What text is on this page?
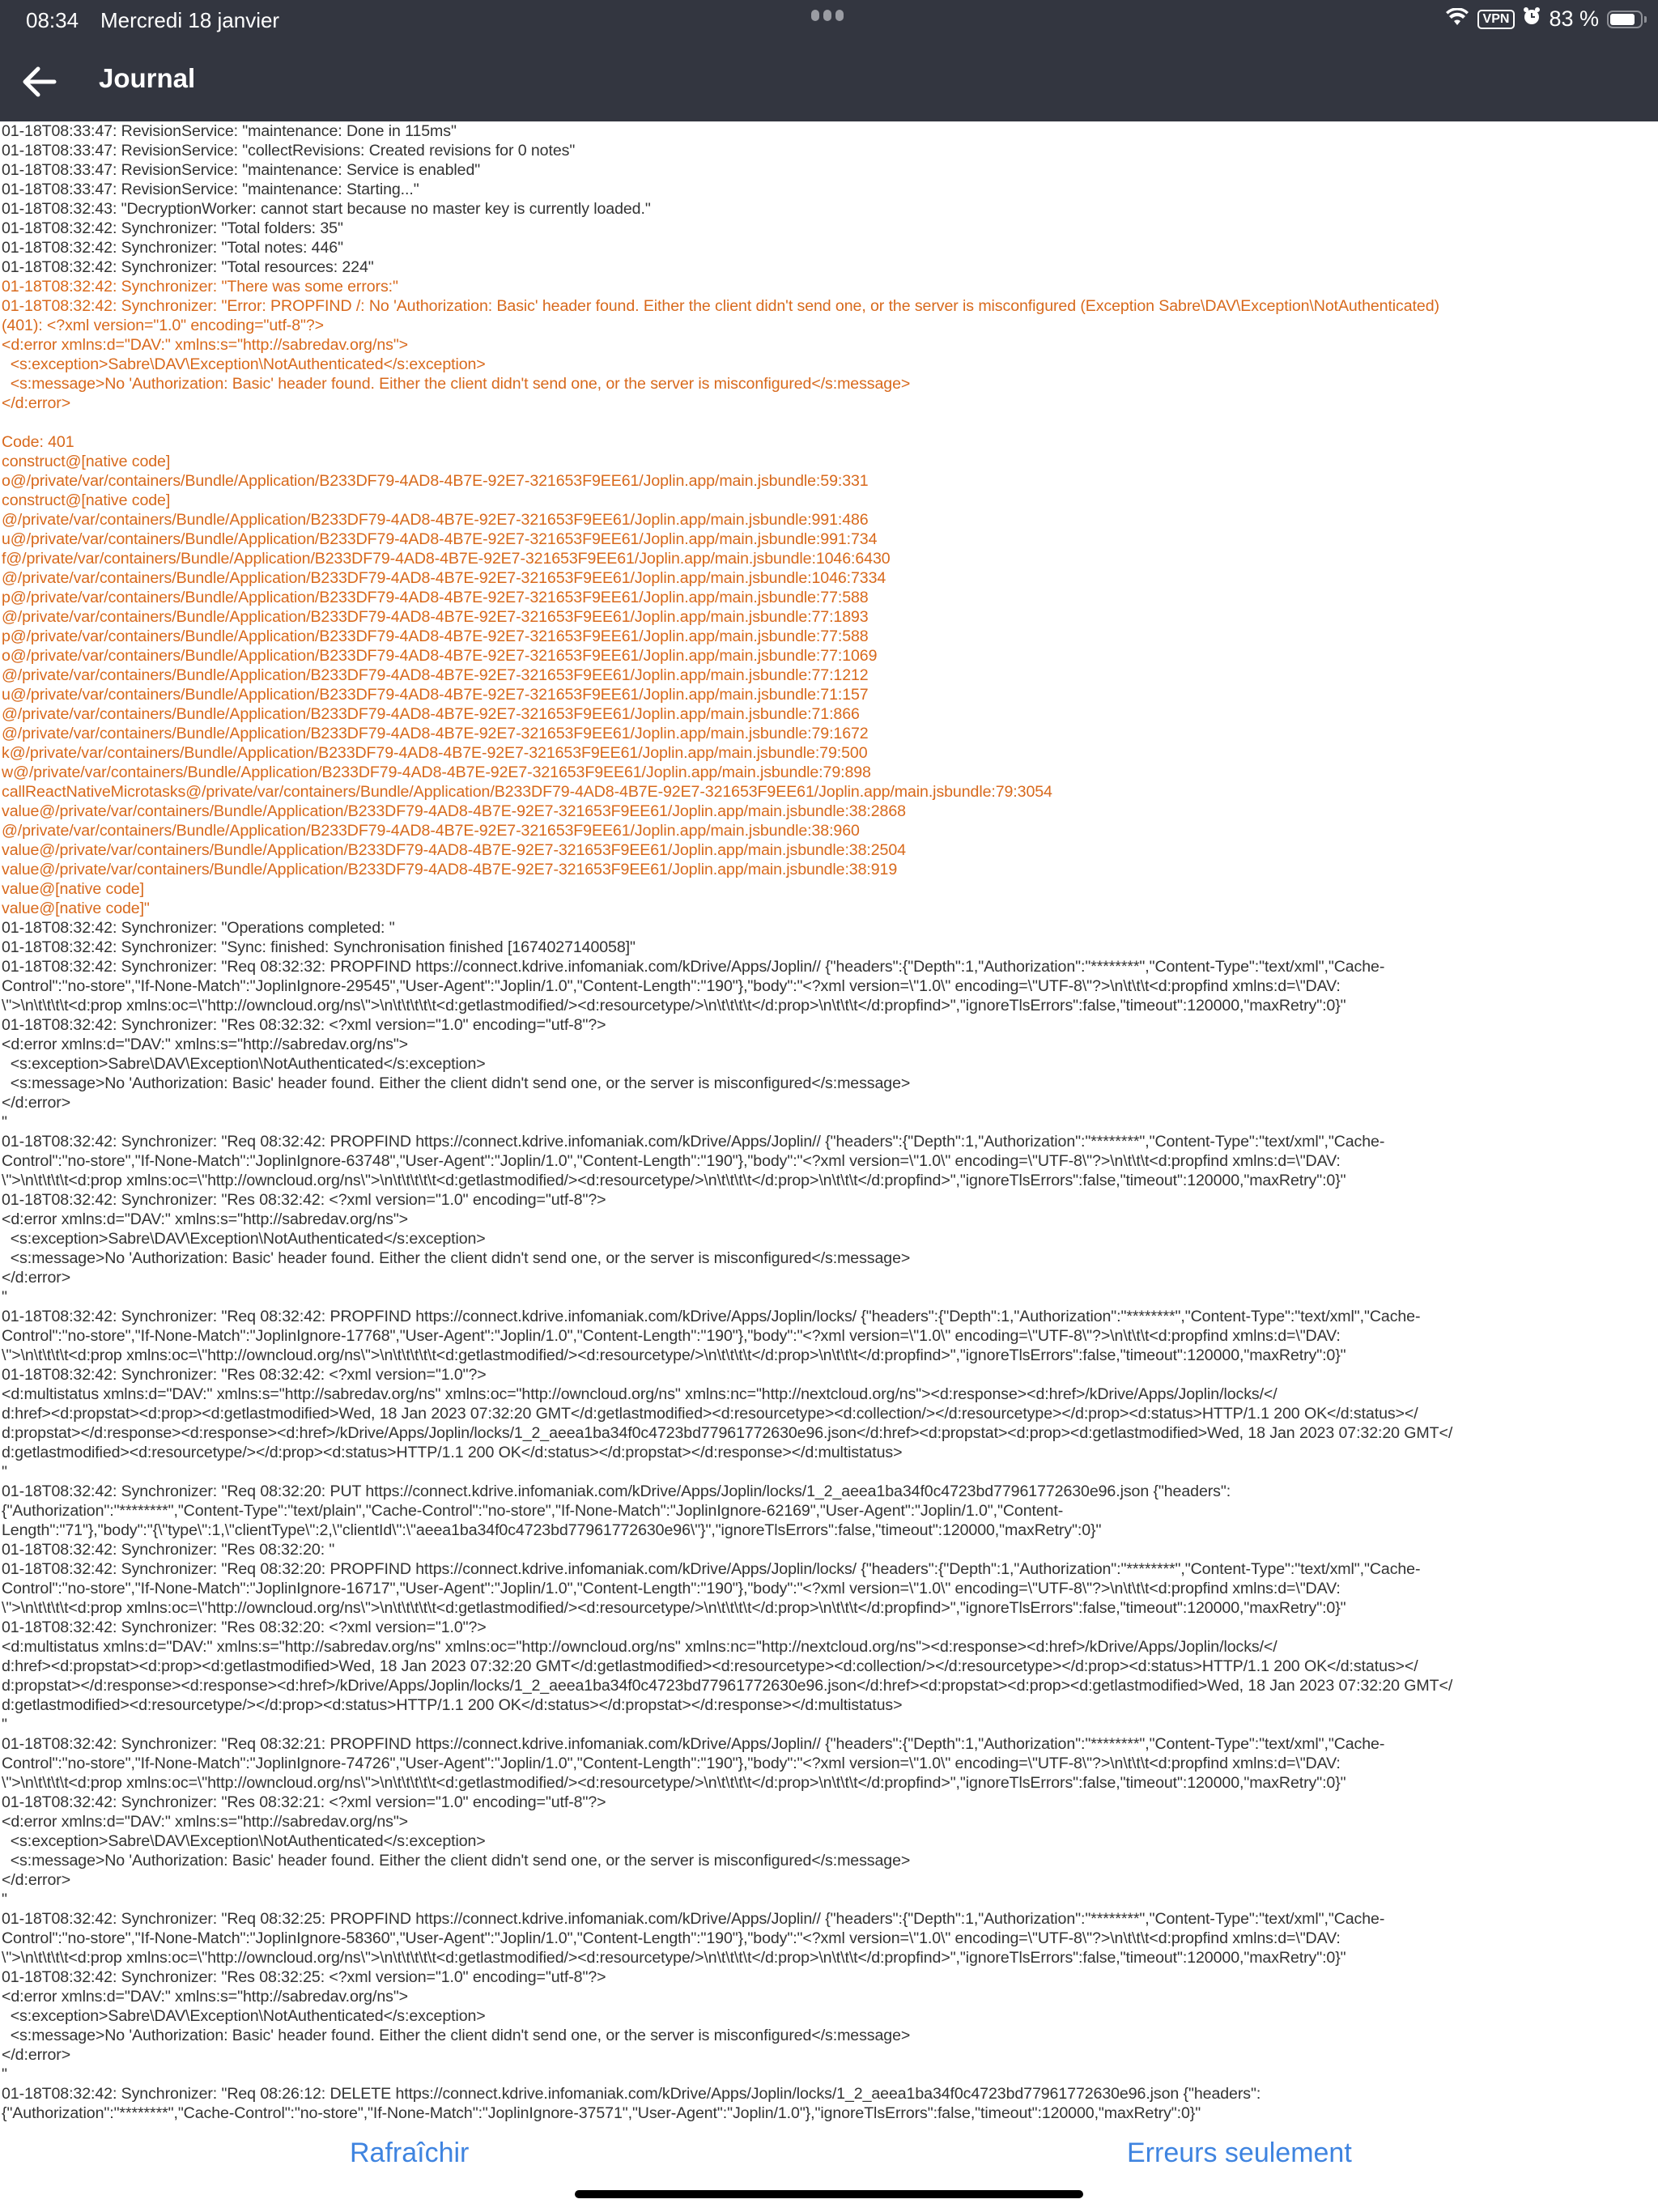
08:34 Mercredi 18 janvier	VPN 83 %
Journal
01-18T08:33:47: RevisionService: "maintenance: Done in 115ms"
01-18T08:33:47: RevisionService: "collectRevisions: Created revisions for 0 notes"
01-18T08:33:47: RevisionService: "maintenance: Service is enabled"
01-18T08:33:47: RevisionService: "maintenance: Starting..."
01-18T08:32:43: "DecryptionWorker: cannot start because no master key is currently loaded."
01-18T08:32:42: Synchronizer: "Total folders: 35"
01-18T08:32:42: Synchronizer: "Total notes: 446"
01-18T08:32:42: Synchronizer: "Total resources: 224"
01-18T08:32:42: Synchronizer: "There was some errors:"
01-18T08:32:42: Synchronizer: "Error: PROPFIND /: No 'Authorization: Basic' header found. Either the client didn't send one, or the server is misconfigured (Exception Sabre\DAV\Exception\NotAuthenticated)
(401): <?xml version="1.0" encoding="utf-8"?>
<d:error xmlns:d="DAV:" xmlns:s="http://sabredav.org/ns">
<s:exception>Sabre\DAV\Exception\NotAuthenticated</s:exception>
<s:message>No 'Authorization: Basic' header found. Either the client didn't send one, or the server is misconfigured</s:message>
</d:error>
Code: 401
construct@[native code]
o@/private/var/containers/Bundle/Application/B233DF79-4AD8-4B7E-92E7-321653F9EE61/Joplin.app/main.jsbundle:59:331
construct@[native code]
@/private/var/containers/Bundle/Application/B233DF79-4AD8-4B7E-92E7-321653F9EE61/Joplin.app/main.jsbundle:991:486
u@/private/var/containers/Bundle/Application/B233DF79-4AD8-4B7E-92E7-321653F9EE61/Joplin.app/main.jsbundle:991:734
f@/private/var/containers/Bundle/Application/B233DF79-4AD8-4B7E-92E7-321653F9EE61/Joplin.app/main.jsbundle:1046:6430
@/private/var/containers/Bundle/Application/B233DF79-4AD8-4B7E-92E7-321653F9EE61/Joplin.app/main.jsbundle:1046:7334
p@/private/var/containers/Bundle/Application/B233DF79-4AD8-4B7E-92E7-321653F9EE61/Joplin.app/main.jsbundle:77:588
@/private/var/containers/Bundle/Application/B233DF79-4AD8-4B7E-92E7-321653F9EE61/Joplin.app/main.jsbundle:77:1893
p@/private/var/containers/Bundle/Application/B233DF79-4AD8-4B7E-92E7-321653F9EE61/Joplin.app/main.jsbundle:77:588
o@/private/var/containers/Bundle/Application/B233DF79-4AD8-4B7E-92E7-321653F9EE61/Joplin.app/main.jsbundle:77:1069
@/private/var/containers/Bundle/Application/B233DF79-4AD8-4B7E-92E7-321653F9EE61/Joplin.app/main.jsbundle:77:1212
u@/private/var/containers/Bundle/Application/B233DF79-4AD8-4B7E-92E7-321653F9EE61/Joplin.app/main.jsbundle:71:157
@/private/var/containers/Bundle/Application/B233DF79-4AD8-4B7E-92E7-321653F9EE61/Joplin.app/main.jsbundle:71:866
@/private/var/containers/Bundle/Application/B233DF79-4AD8-4B7E-92E7-321653F9EE61/Joplin.app/main.jsbundle:79:1672
k@/private/var/containers/Bundle/Application/B233DF79-4AD8-4B7E-92E7-321653F9EE61/Joplin.app/main.jsbundle:79:500
w@/private/var/containers/Bundle/Application/B233DF79-4AD8-4B7E-92E7-321653F9EE61/Joplin.app/main.jsbundle:79:898
callReactNativeMicrotasks@/private/var/containers/Bundle/Application/B233DF79-4AD8-4B7E-92E7-321653F9EE61/Joplin.app/main.jsbundle:79:3054
value@/private/var/containers/Bundle/Application/B233DF79-4AD8-4B7E-92E7-321653F9EE61/Joplin.app/main.jsbundle:38:2868
@/private/var/containers/Bundle/Application/B233DF79-4AD8-4B7E-92E7-321653F9EE61/Joplin.app/main.jsbundle:38:960
value@/private/var/containers/Bundle/Application/B233DF79-4AD8-4B7E-92E7-321653F9EE61/Joplin.app/main.jsbundle:38:2504
value@/private/var/containers/Bundle/Application/B233DF79-4AD8-4B7E-92E7-321653F9EE61/Joplin.app/main.jsbundle:38:919
value@[native code]
value@[native code]"
01-18T08:32:42: Synchronizer: "Operations completed: "
01-18T08:32:42: Synchronizer: "Sync: finished: Synchronisation finished [1674027140058]"
01-18T08:32:42: Synchronizer: "Req 08:32:32: PROPFIND https://connect.kdrive.infomaniak.com/kDrive/Apps/Joplin// {"headers":{"Depth":1,"Authorization":"********","Content-Type":"text/xml","Cache-
Control":"no-store","If-None-Match":"JoplinIgnore-29545","User-Agent":"Joplin/1.0","Content-Length":"190"},"body":"<?xml version=\"1.0\" encoding=\"UTF-8\"?>\n\t\t\t<d:propfind xmlns:d=\"DAV:
\">\n\t\t\t\t<d:prop xmlns:oc=\"http://owncloud.org/ns\">\n\t\t\t\t\t<d:getlastmodified/><d:resourcetype/>\n\t\t\t\t</d:prop>\n\t\t\t</d:propfind>","ignoreTlsErrors":false,"timeout":120000,"maxRetry":0}"
01-18T08:32:42: Synchronizer: "Res 08:32:32: <?xml version="1.0" encoding="utf-8"?>
<d:error xmlns:d="DAV:" xmlns:s="http://sabredav.org/ns">
<s:exception>Sabre\DAV\Exception\NotAuthenticated</s:exception>
<s:message>No 'Authorization: Basic' header found. Either the client didn't send one, or the server is misconfigured</s:message>
</d:error>
"
01-18T08:32:42: Synchronizer: "Req 08:32:42: PROPFIND https://connect.kdrive.infomaniak.com/kDrive/Apps/Joplin// {"headers":{"Depth":1,"Authorization":"********","Content-Type":"text/xml","Cache-
Control":"no-store","If-None-Match":"JoplinIgnore-63748","User-Agent":"Joplin/1.0","Content-Length":"190"},"body":"<?xml version=\"1.0\" encoding=\"UTF-8\"?>\n\t\t\t<d:propfind xmlns:d=\"DAV:
\">\n\t\t\t\t<d:prop xmlns:oc=\"http://owncloud.org/ns\">\n\t\t\t\t\t<d:getlastmodified/><d:resourcetype/>\n\t\t\t\t</d:prop>\n\t\t\t</d:propfind>","ignoreTlsErrors":false,"timeout":120000,"maxRetry":0}"
01-18T08:32:42: Synchronizer: "Res 08:32:42: <?xml version="1.0" encoding="utf-8"?>
<d:error xmlns:d="DAV:" xmlns:s="http://sabredav.org/ns">
<s:exception>Sabre\DAV\Exception\NotAuthenticated</s:exception>
<s:message>No 'Authorization: Basic' header found. Either the client didn't send one, or the server is misconfigured</s:message>
</d:error>
"
01-18T08:32:42: Synchronizer: "Req 08:32:42: PROPFIND https://connect.kdrive.infomaniak.com/kDrive/Apps/Joplin/locks/ {"headers":{"Depth":1,"Authorization":"********","Content-Type":"text/xml","Cache-
Control":"no-store","If-None-Match":"JoplinIgnore-17768","User-Agent":"Joplin/1.0","Content-Length":"190"},"body":"<?xml version=\"1.0\" encoding=\"UTF-8\"?>\n\t\t\t<d:propfind xmlns:d=\"DAV:
\">\n\t\t\t\t<d:prop xmlns:oc=\"http://owncloud.org/ns\">\n\t\t\t\t\t<d:getlastmodified/><d:resourcetype/>\n\t\t\t\t</d:prop>\n\t\t\t</d:propfind>","ignoreTlsErrors":false,"timeout":120000,"maxRetry":0}"
01-18T08:32:42: Synchronizer: "Res 08:32:42: <?xml version="1.0"?>
<d:multistatus xmlns:d="DAV:" xmlns:s="http://sabredav.org/ns" xmlns:oc="http://owncloud.org/ns" xmlns:nc="http://nextcloud.org/ns"><d:response><d:href>/kDrive/Apps/Joplin/locks/</
d:href><d:propstat><d:prop><d:getlastmodified>Wed, 18 Jan 2023 07:32:20 GMT</d:getlastmodified><d:resourcetype><d:collection/></d:resourcetype></d:prop><d:status>HTTP/1.1 200 OK</d:status></
d:propstat></d:response><d:response><d:href>/kDrive/Apps/Joplin/locks/1_2_aeea1ba34f0c4723bd77961772630e96.json</d:href><d:propstat><d:prop><d:getlastmodified>Wed, 18 Jan 2023 07:32:20 GMT</
d:getlastmodified><d:resourcetype/></d:prop><d:status>HTTP/1.1 200 OK</d:status></d:propstat></d:response></d:multistatus>
"
01-18T08:32:42: Synchronizer: "Req 08:32:20: PUT https://connect.kdrive.infomaniak.com/kDrive/Apps/Joplin/locks/1_2_aeea1ba34f0c4723bd77961772630e96.json {"headers":
{"Authorization":"********","Content-Type":"text/plain","Cache-Control":"no-store","If-None-Match":"JoplinIgnore-62169","User-Agent":"Joplin/1.0","Content-
Length":"71"},"body":"{\"type\":1,\"clientType\":2,\"clientId\":\"aeea1ba34f0c4723bd77961772630e96\"}","ignoreTlsErrors":false,"timeout":120000,"maxRetry":0}"
01-18T08:32:42: Synchronizer: "Res 08:32:20: "
01-18T08:32:42: Synchronizer: "Req 08:32:20: PROPFIND https://connect.kdrive.infomaniak.com/kDrive/Apps/Joplin/locks/ {"headers":{"Depth":1,"Authorization":"********","Content-Type":"text/xml","Cache-
Control":"no-store","If-None-Match":"JoplinIgnore-16717","User-Agent":"Joplin/1.0","Content-Length":"190"},"body":"<?xml version=\"1.0\" encoding=\"UTF-8\"?>\n\t\t\t<d:propfind xmlns:d=\"DAV:
\">\n\t\t\t\t<d:prop xmlns:oc=\"http://owncloud.org/ns\">\n\t\t\t\t\t<d:getlastmodified/><d:resourcetype/>\n\t\t\t\t</d:prop>\n\t\t\t</d:propfind>","ignoreTlsErrors":false,"timeout":120000,"maxRetry":0}"
01-18T08:32:42: Synchronizer: "Res 08:32:20: <?xml version="1.0"?>
<d:multistatus xmlns:d="DAV:" xmlns:s="http://sabredav.org/ns" xmlns:oc="http://owncloud.org/ns" xmlns:nc="http://nextcloud.org/ns"><d:response><d:href>/kDrive/Apps/Joplin/locks/</
d:href><d:propstat><d:prop><d:getlastmodified>Wed, 18 Jan 2023 07:32:20 GMT</d:getlastmodified><d:resourcetype><d:collection/></d:resourcetype></d:prop><d:status>HTTP/1.1 200 OK</d:status></
d:propstat></d:response><d:response><d:href>/kDrive/Apps/Joplin/locks/1_2_aeea1ba34f0c4723bd77961772630e96.json</d:href><d:propstat><d:prop><d:getlastmodified>Wed, 18 Jan 2023 07:32:20 GMT</
d:getlastmodified><d:resourcetype/></d:prop><d:status>HTTP/1.1 200 OK</d:status></d:propstat></d:response></d:multistatus>
"
01-18T08:32:42: Synchronizer: "Req 08:32:21: PROPFIND https://connect.kdrive.infomaniak.com/kDrive/Apps/Joplin// {"headers":{"Depth":1,"Authorization":"********","Content-Type":"text/xml","Cache-
Control":"no-store","If-None-Match":"JoplinIgnore-74726","User-Agent":"Joplin/1.0","Content-Length":"190"},"body":"<?xml version=\"1.0\" encoding=\"UTF-8\"?>\n\t\t\t<d:propfind xmlns:d=\"DAV:
\">\n\t\t\t\t<d:prop xmlns:oc=\"http://owncloud.org/ns\">\n\t\t\t\t\t<d:getlastmodified/><d:resourcetype/>\n\t\t\t\t</d:prop>\n\t\t\t</d:propfind>","ignoreTlsErrors":false,"timeout":120000,"maxRetry":0}"
01-18T08:32:42: Synchronizer: "Res 08:32:21: <?xml version="1.0" encoding="utf-8"?>
<d:error xmlns:d="DAV:" xmlns:s="http://sabredav.org/ns">
<s:exception>Sabre\DAV\Exception\NotAuthenticated</s:exception>
<s:message>No 'Authorization: Basic' header found. Either the client didn't send one, or the server is misconfigured</s:message>
</d:error>
"
01-18T08:32:42: Synchronizer: "Req 08:32:25: PROPFIND https://connect.kdrive.infomaniak.com/kDrive/Apps/Joplin// {"headers":{"Depth":1,"Authorization":"********","Content-Type":"text/xml","Cache-
Control":"no-store","If-None-Match":"JoplinIgnore-58360","User-Agent":"Joplin/1.0","Content-Length":"190"},"body":"<?xml version=\"1.0\" encoding=\"UTF-8\"?>\n\t\t\t<d:propfind xmlns:d=\"DAV:
\">\n\t\t\t\t<d:prop xmlns:oc=\"http://owncloud.org/ns\">\n\t\t\t\t\t<d:getlastmodified/><d:resourcetype/>\n\t\t\t\t</d:prop>\n\t\t\t</d:propfind>","ignoreTlsErrors":false,"timeout":120000,"maxRetry":0}"
01-18T08:32:42: Synchronizer: "Res 08:32:25: <?xml version="1.0" encoding="utf-8"?>
<d:error xmlns:d="DAV:" xmlns:s="http://sabredav.org/ns">
<s:exception>Sabre\DAV\Exception\NotAuthenticated</s:exception>
<s:message>No 'Authorization: Basic' header found. Either the client didn't send one, or the server is misconfigured</s:message>
</d:error>
"
01-18T08:32:42: Synchronizer: "Req 08:26:12: DELETE https://connect.kdrive.infomaniak.com/kDrive/Apps/Joplin/locks/1_2_aeea1ba34f0c4723bd77961772630e96.json {"headers":
{"Authorization":"********","Cache-Control":"no-store","If-None-Match":"JoplinIgnore-37571","User-Agent":"Joplin/1.0"},"ignoreTlsErrors":false,"timeout":120000,"maxRetry":0}"
Rafraîchir	Erreurs seulement
